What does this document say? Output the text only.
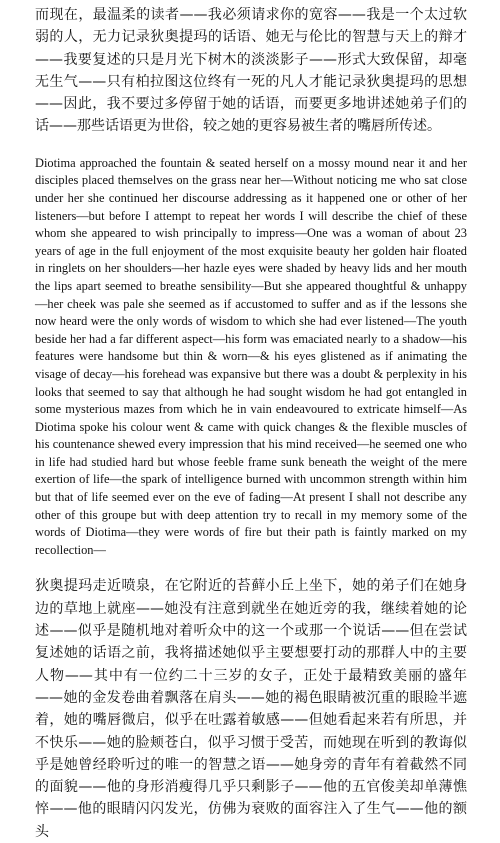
而现在，最温柔的读者——我必须请求你的宽容——我是一个太过软弱的人，无力记录狄奥提玛的话语、她无与伦比的智慧与天上的辩才——我要复述的只是月光下树木的淡淡影子——形式大致保留，却毫无生气——只有柏拉图这位终有一死的凡人才能记录狄奥提玛的思想——因此，我不要过多停留于她的话语，而要更多地讲述她弟子们的话——那些话语更为世俗，较之她的更容易被生者的嘴唇所传述。

Diotima approached the fountain & seated herself on a mossy mound near it and her disciples placed themselves on the grass near her—Without noticing me who sat close under her she continued her discourse addressing as it happened one or other of her listeners—but before I attempt to repeat her words I will describe the chief of these whom she appeared to wish principally to impress—One was a woman of about 23 years of age in the full enjoyment of the most exquisite beauty her golden hair floated in ringlets on her shoulders—her hazle eyes were shaded by heavy lids and her mouth the lips apart seemed to breathe sensibility—But she appeared thoughtful & unhappy—her cheek was pale she seemed as if accustomed to suffer and as if the lessons she now heard were the only words of wisdom to which she had ever listened—The youth beside her had a far different aspect—his form was emaciated nearly to a shadow—his features were handsome but thin & worn—& his eyes glistened as if animating the visage of decay—his forehead was expansive but there was a doubt & perplexity in his looks that seemed to say that although he had sought wisdom he had got entangled in some mysterious mazes from which he in vain endeavoured to extricate himself—As Diotima spoke his colour went & came with quick changes & the flexible muscles of his countenance shewed every impression that his mind received—he seemed one who in life had studied hard but whose feeble frame sunk beneath the weight of the mere exertion of life—the spark of intelligence burned with uncommon strength within him but that of life seemed ever on the eve of fading—At present I shall not describe any other of this groupe but with deep attention try to recall in my memory some of the words of Diotima—they were words of fire but their path is faintly marked on my recollection—

狄奥提玛走近喷泉，在它附近的苔藓小丘上坐下，她的弟子们在她身边的草地上就座——她没有注意到就坐在她近旁的我，继续着她的论述——似乎是随机地对着听众中的这一个或那一个说话——但在尝试复述她的话语之前，我将描述她似乎主要想要打动的那群人中的主要人物——其中有一位约二十三岁的女子，正处于最精致美丽的盛年——她的金发卷曲着飘落在肩头——她的褐色眼睛被沉重的眼睑半遮着，她的嘴唇微启，似乎在吐露着敏感——但她看起来若有所思，并不快乐——她的脸颊苍白，似乎习惯于受苦，而她现在听到的教诲似乎是她曾经聆听过的唯一的智慧之语——她身旁的青年有着截然不同的面貌——他的身形消瘦得几乎只剩影子——他的五官俊美却单薄憔悴——他的眼睛闪闪发光，仿佛为衰败的面容注入了生气——他的额头
